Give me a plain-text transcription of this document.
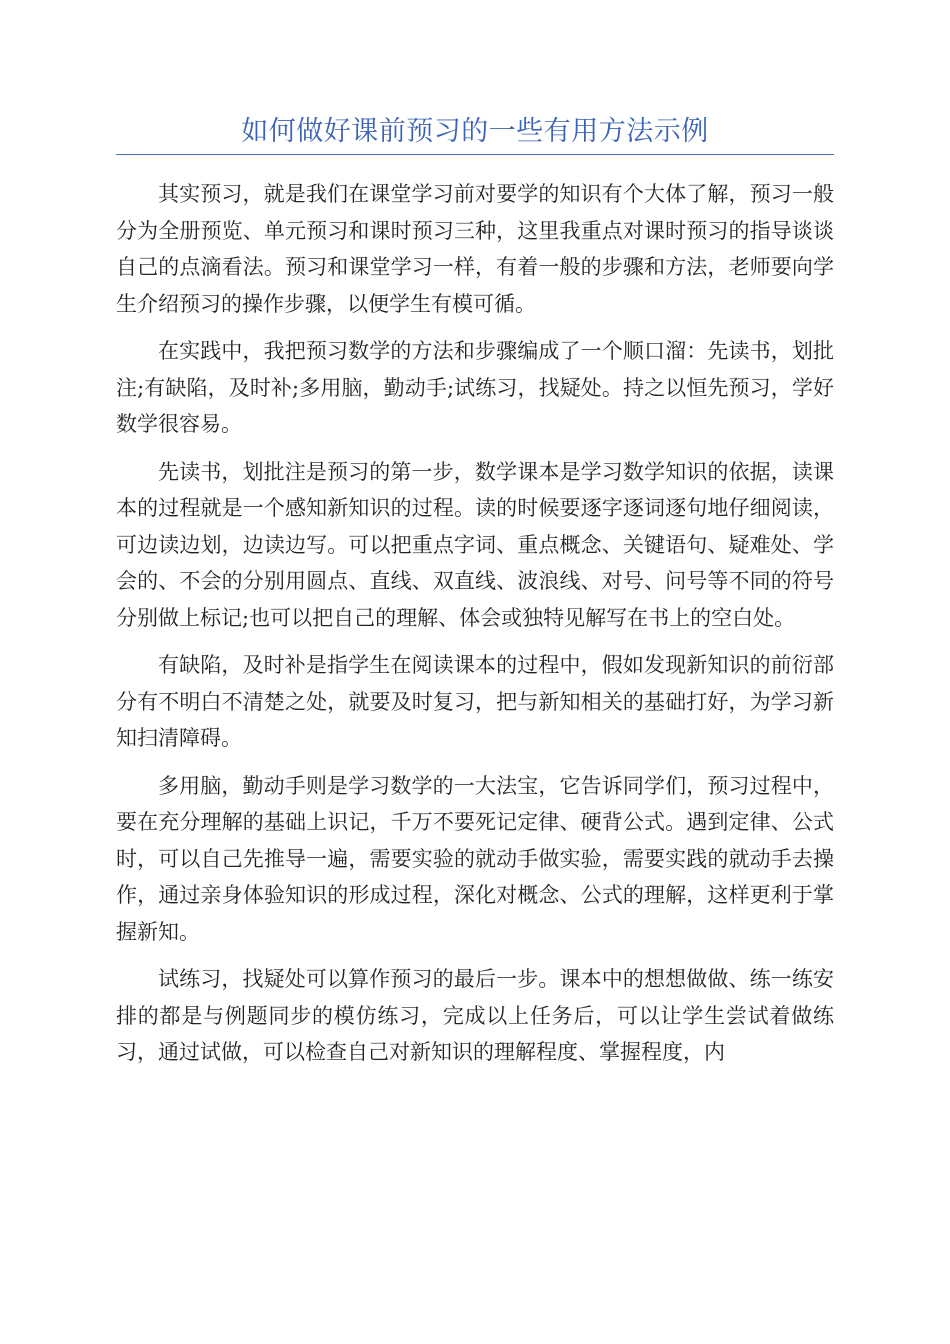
如何做好课前预习的一些有用方法示例

其实预习，就是我们在课堂学习前对要学的知识有个大体了解，预习一般分为全册预览、单元预习和课时预习三种，这里我重点对课时预习的指导谈谈自己的点滴看法。预习和课堂学习一样，有着一般的步骤和方法，老师要向学生介绍预习的操作步骤，以便学生有模可循。

在实践中，我把预习数学的方法和步骤编成了一个顺口溜：先读书，划批注;有缺陷，及时补;多用脑，勤动手;试练习，找疑处。持之以恒先预习，学好数学很容易。

先读书，划批注是预习的第一步，数学课本是学习数学知识的依据，读课本的过程就是一个感知新知识的过程。读的时候要逐字逐词逐句地仔细阅读，可边读边划，边读边写。可以把重点字词、重点概念、关键语句、疑难处、学会的、不会的分别用圆点、直线、双直线、波浪线、对号、问号等不同的符号分别做上标记;也可以把自己的理解、体会或独特见解写在书上的空白处。

有缺陷，及时补是指学生在阅读课本的过程中，假如发现新知识的前衍部分有不明白不清楚之处，就要及时复习，把与新知相关的基础打好，为学习新知扫清障碍。

多用脑，勤动手则是学习数学的一大法宝，它告诉同学们，预习过程中，要在充分理解的基础上识记，千万不要死记定律、硬背公式。遇到定律、公式时，可以自己先推导一遍，需要实验的就动手做实验，需要实践的就动手去操作，通过亲身体验知识的形成过程，深化对概念、公式的理解，这样更利于掌握新知。

试练习，找疑处可以算作预习的最后一步。课本中的想想做做、练一练安排的都是与例题同步的模仿练习，完成以上任务后，可以让学生尝试着做练习，通过试做，可以检查自己对新知识的理解程度、掌握程度，内
